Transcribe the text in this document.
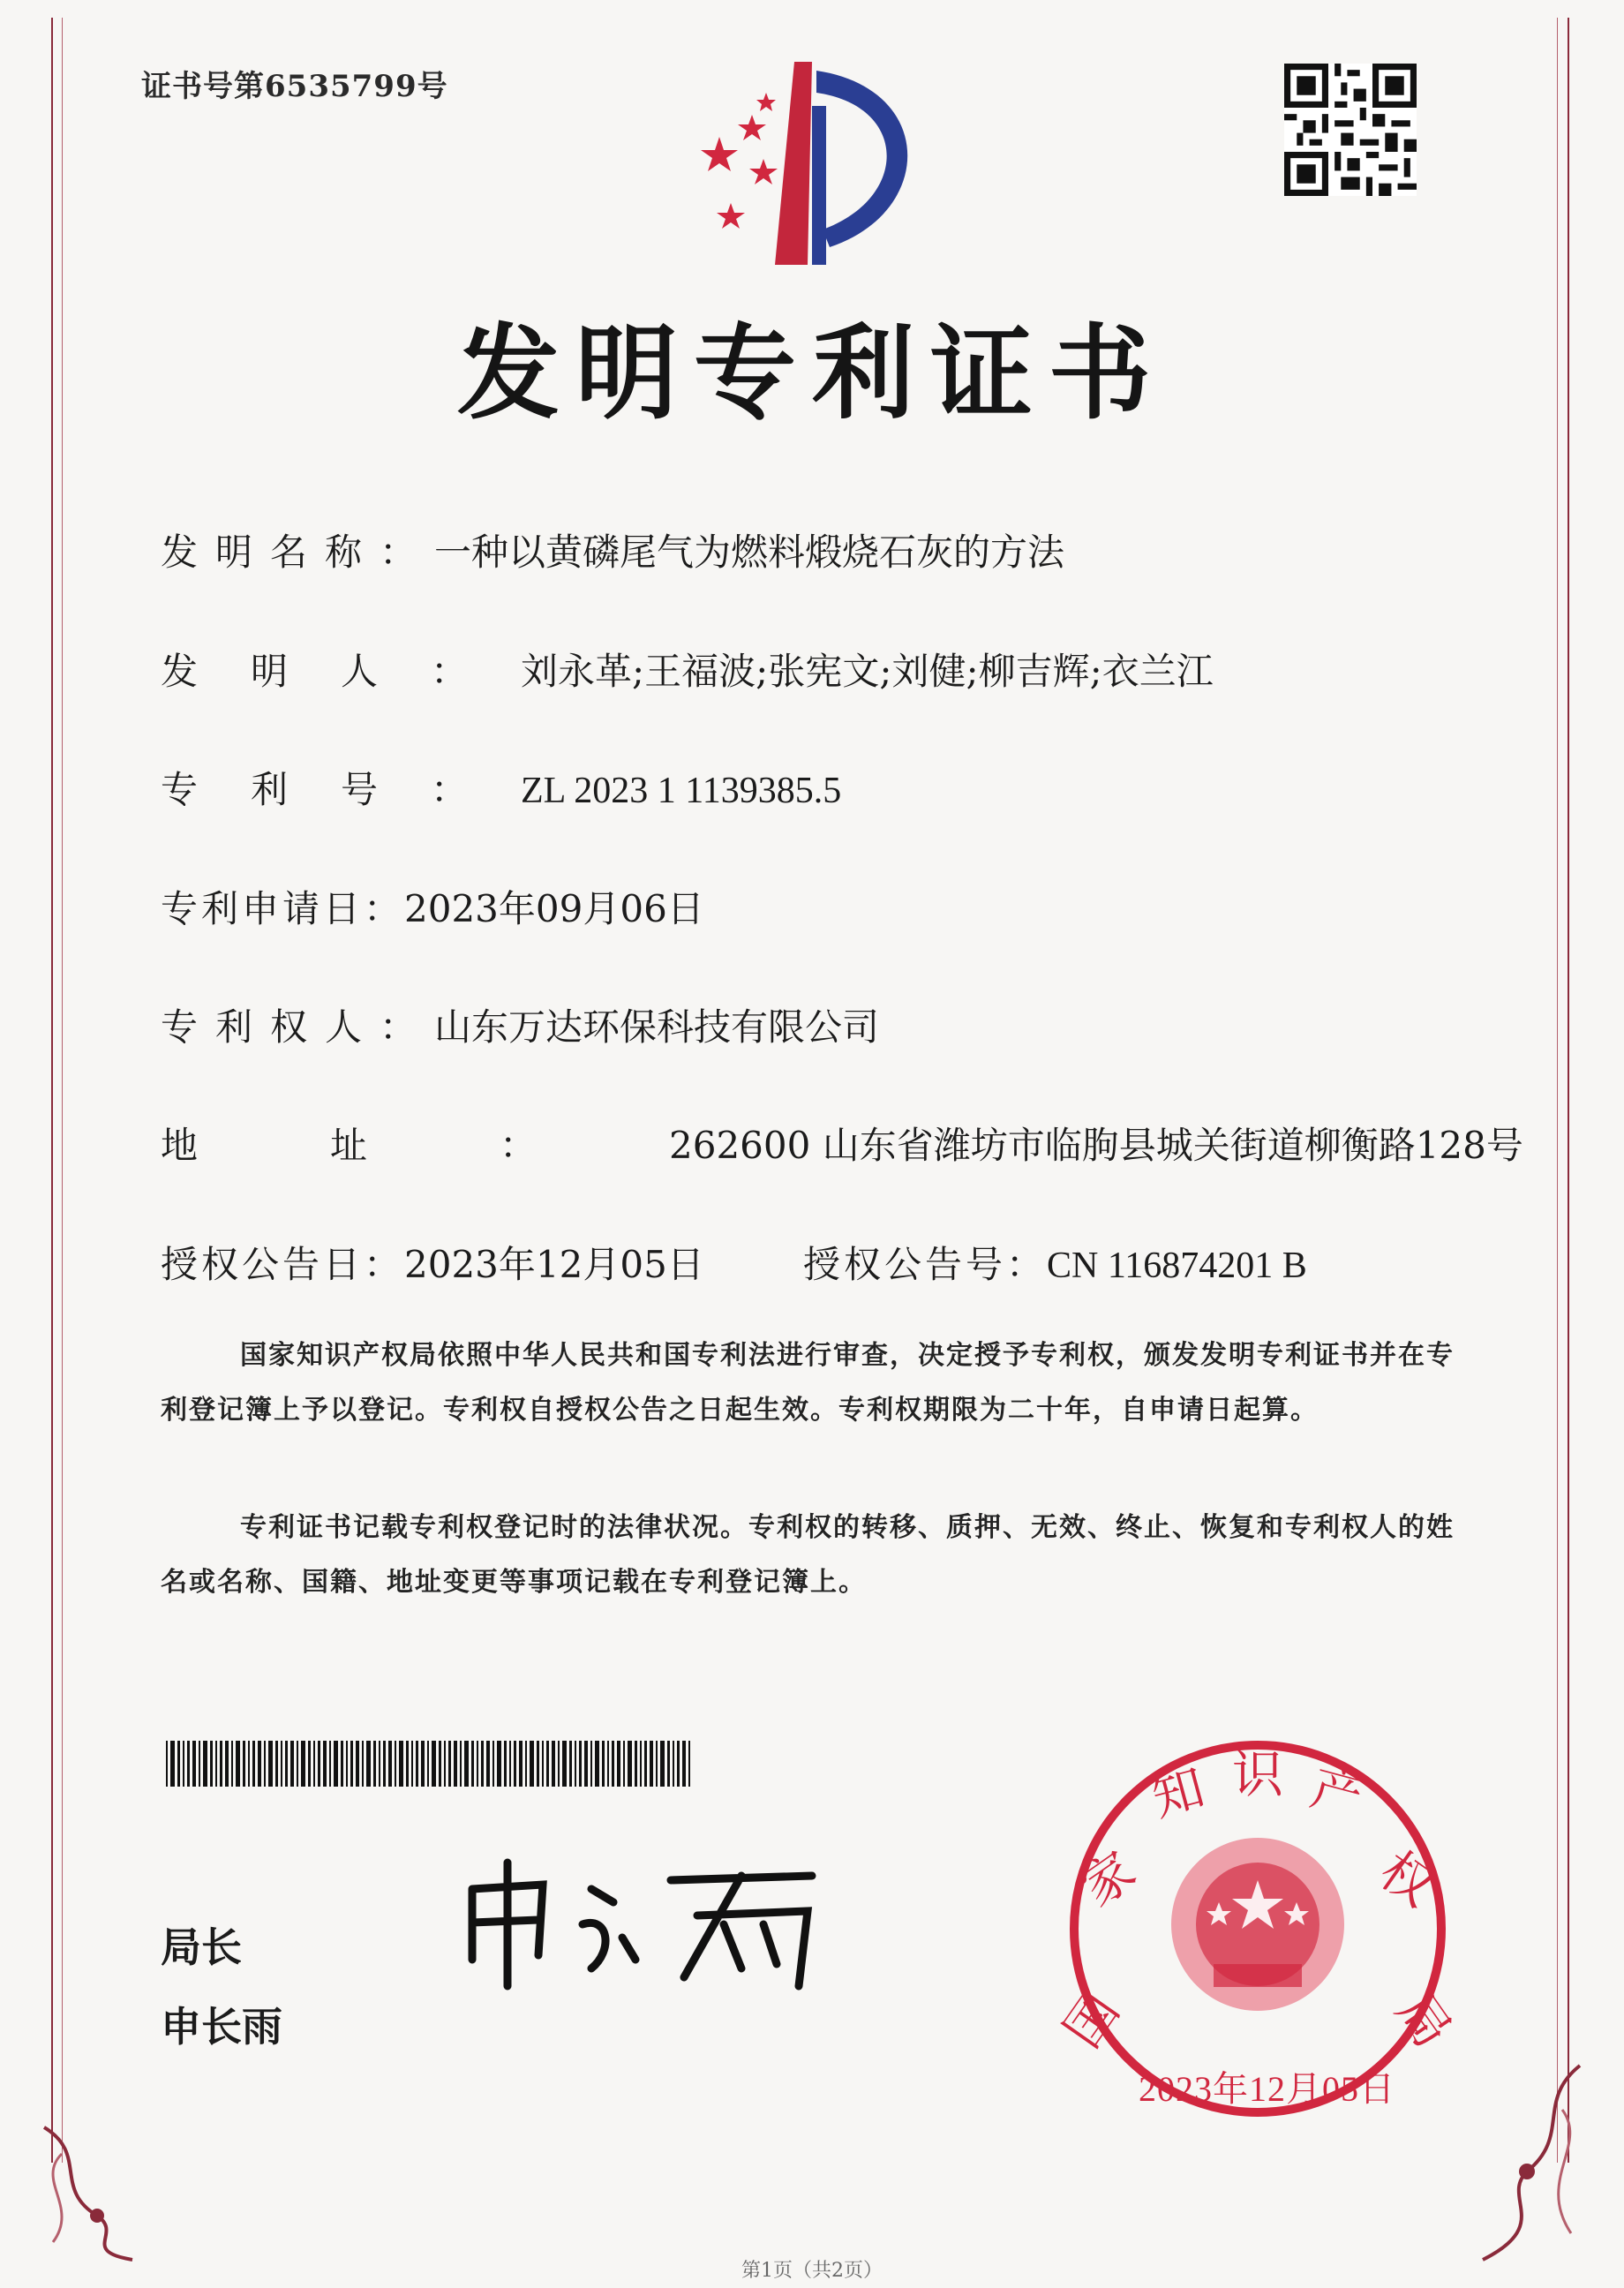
证书号第6535799号
发明专利证书
发明名称：一种以黄磷尾气为燃料煅烧石灰的方法
发明人：刘永革;王福波;张宪文;刘健;柳吉辉;衣兰江
专利号：ZL 2023 1 1139385.5
专利申请日：2023年09月06日
专利权人：山东万达环保科技有限公司
地址：262600 山东省潍坊市临朐县城关街道柳衡路128号
授权公告日：2023年12月05日	授权公告号：CN 116874201 B
国家知识产权局依照中华人民共和国专利法进行审查，决定授予专利权，颁发发明专利证书并在专利登记簿上予以登记。专利权自授权公告之日起生效。专利权期限为二十年，自申请日起算。
专利证书记载专利权登记时的法律状况。专利权的转移、质押、无效、终止、恢复和专利权人的姓名或名称、国籍、地址变更等事项记载在专利登记簿上。
局长
申长雨	国
家
知 识 产
权
局
2023年12月05日
第1页（共2页）
